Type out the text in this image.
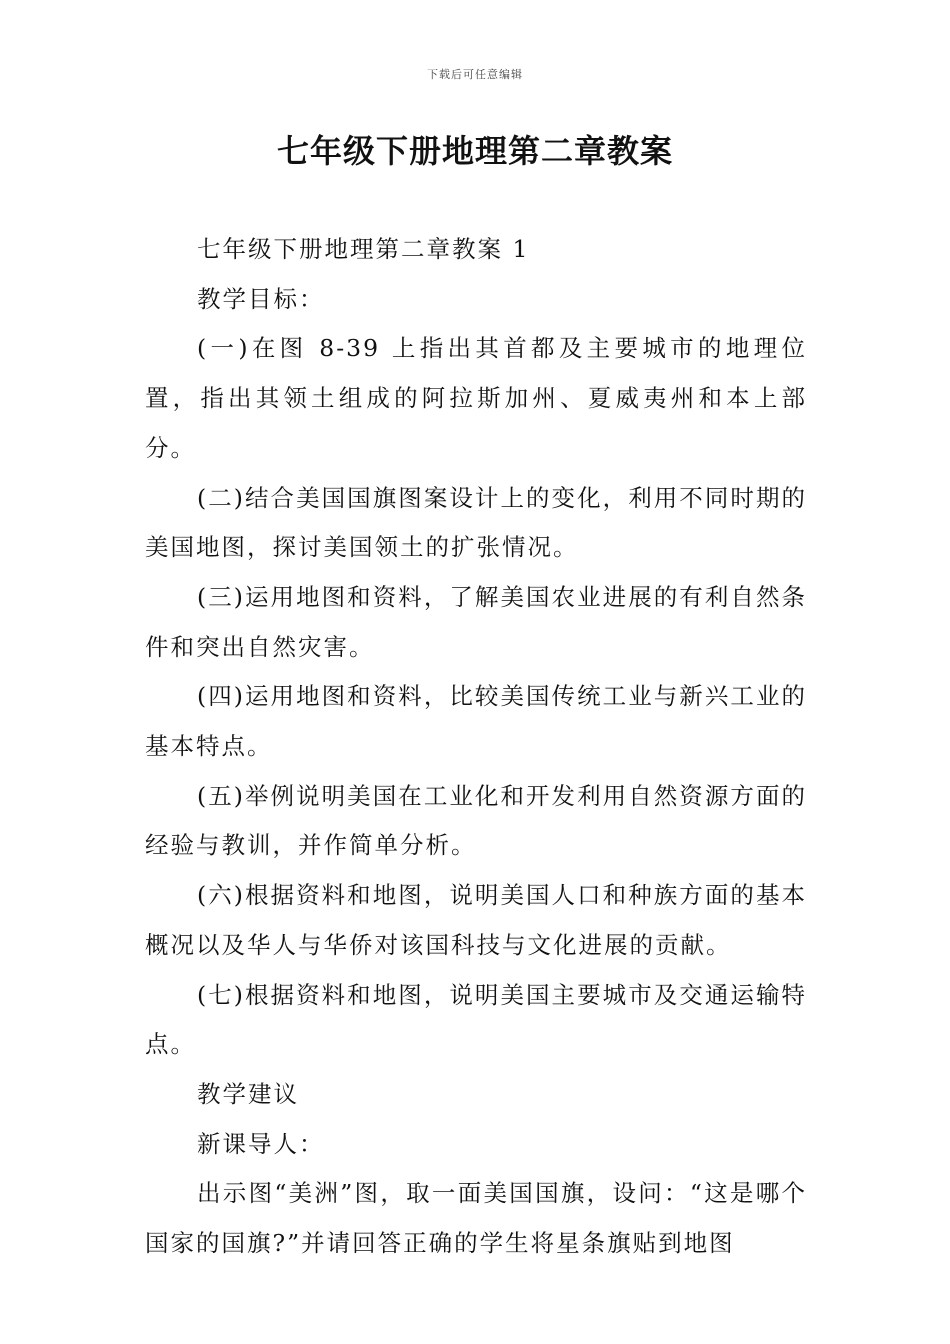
下载后可任意编辑
七年级下册地理第二章教案

七年级下册地理第二章教案 1

教学目标：

(一)在图 8-39 上指出其首都及主要城市的地理位置，指出其领土组成的阿拉斯加州、夏威夷州和本上部分。

(二)结合美国国旗图案设计上的变化，利用不同时期的美国地图，探讨美国领土的扩张情况。

(三)运用地图和资料，了解美国农业进展的有利自然条件和突出自然灾害。

(四)运用地图和资料，比较美国传统工业与新兴工业的基本特点。

(五)举例说明美国在工业化和开发利用自然资源方面的经验与教训，并作简单分析。

(六)根据资料和地图，说明美国人口和种族方面的基本概况以及华人与华侨对该国科技与文化进展的贡献。

(七)根据资料和地图，说明美国主要城市及交通运输特点。

教学建议

新课导人：

出示图“美洲”图，取一面美国国旗，设问：“这是哪个国家的国旗?”并请回答正确的学生将星条旗贴到地图
